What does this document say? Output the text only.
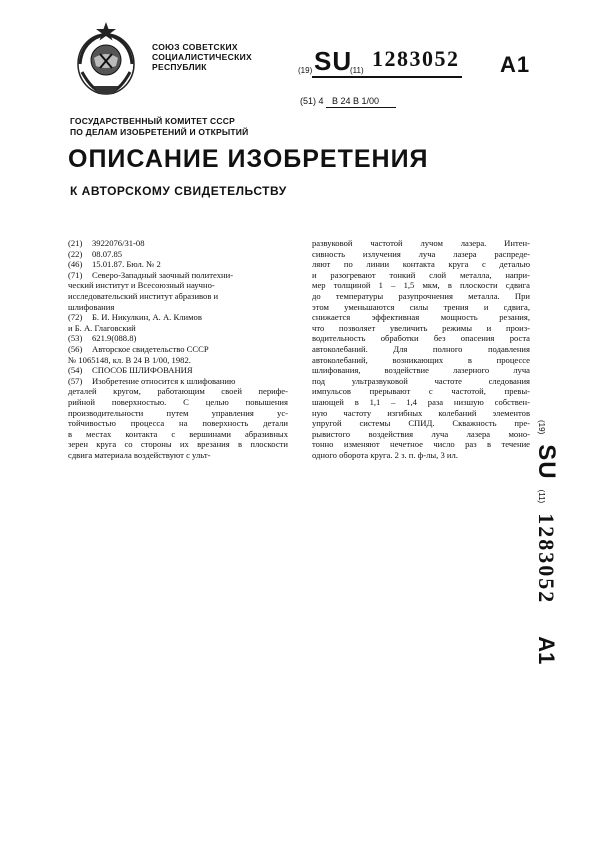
СОЮЗ СОВЕТСКИХ
СОЦИАЛИСТИЧЕСКИХ
РЕСПУБЛИК	(19) SU
(11) 1283052 A1
(51) 4 В 24 В 1/00
ГОСУДАРСТВЕННЫЙ КОМИТЕТ СССР
ПО ДЕЛАМ ИЗОБРЕТЕНИЙ И ОТКРЫТИЙ
ОПИСАНИЕ ИЗОБРЕТЕНИЯ
К АВТОРСКОМУ СВИДЕТЕЛЬСТВУ
(21) 3922076/31-08
(22) 08.07.85
(46) 15.01.87. Бюл. № 2
(71) Северо-Западный заочный политехни-
ческий институт и Всесоюзный научно-
исследовательский институт абразивов и
шлифования
(72) Б. И. Никулкин, А. А. Климов
и Б. А. Глаговский
(53) 621.9(088.8)
(56) Авторское свидетельство СССР
№ 1065148, кл. В 24 В 1/00, 1982.
(54) СПОСОБ ШЛИФОВАНИЯ
(57) Изобретение относится к шлифованию
деталей кругом, работающим своей перифе-
рийной поверхностью. С целью повышения
производительности путем управления ус-
тойчивостью процесса на поверхность детали
в местах контакта с вершинами абразивных
зерен круга со стороны их врезания в плоскости
сдвига материала воздействуют с ульт-
развуковой частотой лучом лазера. Интен-
сивность излучения луча лазера распреде-
ляют по линии контакта круга с деталью
и разогревают тонкий слой металла, напри-
мер толщиной 1 – 1,5 мкм, в плоскости сдвига
до температуры разупрочнения металла. При
этом уменьшаются силы трения и сдвига,
снижается эффективная мощность резания,
что позволяет увеличить режимы и произ-
водительность обработки без опасения роста
автоколебаний. Для полного подавления
автоколебаний, возникающих в процессе
шлифования, воздействие лазерного луча
под ультразвуковой частоте следования
импульсов прерывают с частотой, превы-
шающей в 1,1 – 1,4 раза низшую собствен-
ную частоту изгибных колебаний элементов
упругой системы СПИД. Скважность пре-
рывистого воздействия луча лазера моно-
тонно изменяют нечетное число раз в течение
одного оборота круга. 2 з. п. ф-лы, 3 ил.
(19)
SU
(11)
1283052
A1
